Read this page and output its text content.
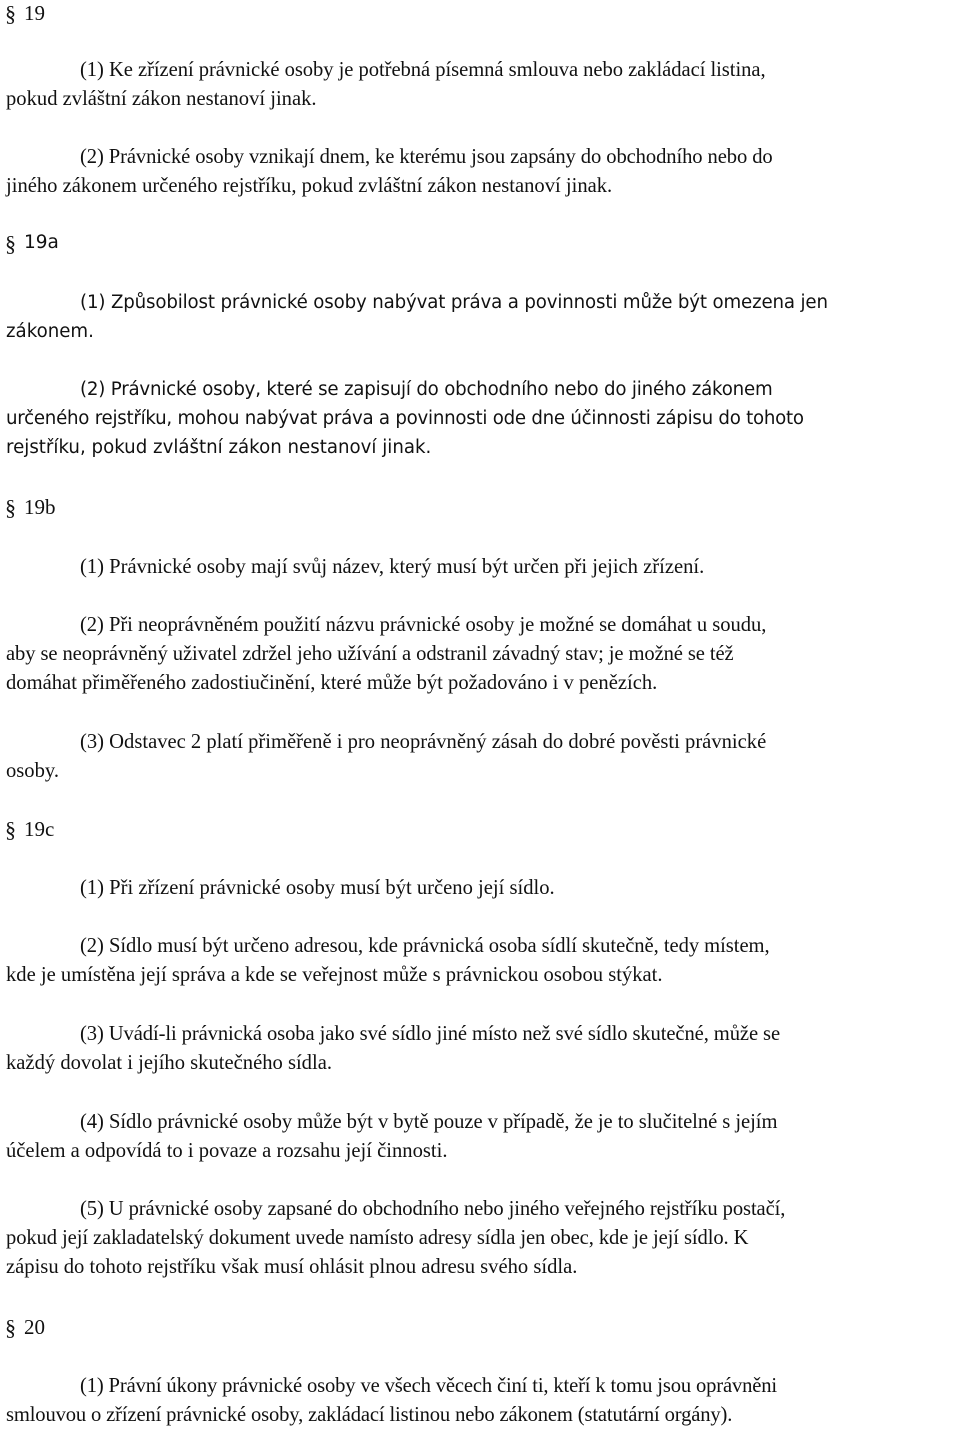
§ 19
(1) Ke zřízení právnické osoby je potřebná písemná smlouva nebo zakládací listina,
pokud zvláštní zákon nestanoví jinak.
(2) Právnické osoby vznikají dnem, ke kterému jsou zapsány do obchodního nebo do
jiného zákonem určeného rejstříku, pokud zvláštní zákon nestanoví jinak.
§ 19a
(1) Způsobilost právnické osoby nabývat práva a povinnosti může být omezena jen
zákonem.
(2) Právnické osoby, které se zapisují do obchodního nebo do jiného zákonem
určeného rejstříku, mohou nabývat práva a povinnosti ode dne účinnosti zápisu do tohoto
rejstříku, pokud zvláštní zákon nestanoví jinak.
§ 19b
(1) Právnické osoby mají svůj název, který musí být určen při jejich zřízení.
(2) Při neoprávněném použití názvu právnické osoby je možné se domáhat u soudu,
aby se neoprávněný uživatel zdržel jeho užívání a odstranil závadný stav; je možné se též
domáhat přiměřeného zadostiučinění, které může být požadováno i v penězích.
(3) Odstavec 2 platí přiměřeně i pro neoprávněný zásah do dobré pověsti právnické
osoby.
§ 19c
(1) Při zřízení právnické osoby musí být určeno její sídlo.
(2) Sídlo musí být určeno adresou, kde právnická osoba sídlí skutečně, tedy místem,
kde je umístěna její správa a kde se veřejnost může s právnickou osobou stýkat.
(3) Uvádí-li právnická osoba jako své sídlo jiné místo než své sídlo skutečné, může se
každý dovolat i jejího skutečného sídla.
(4) Sídlo právnické osoby může být v bytě pouze v případě, že je to slučitelné s jejím
účelem a odpovídá to i povaze a rozsahu její činnosti.
(5) U právnické osoby zapsané do obchodního nebo jiného veřejného rejstříku postačí,
pokud její zakladatelský dokument uvede namísto adresy sídla jen obec, kde je její sídlo. K
zápisu do tohoto rejstříku však musí ohlásit plnou adresu svého sídla.
§ 20
(1) Právní úkony právnické osoby ve všech věcech činí ti, kteří k tomu jsou oprávněni
smlouvou o zřízení právnické osoby, zakládací listinou nebo zákonem (statutární orgány).
